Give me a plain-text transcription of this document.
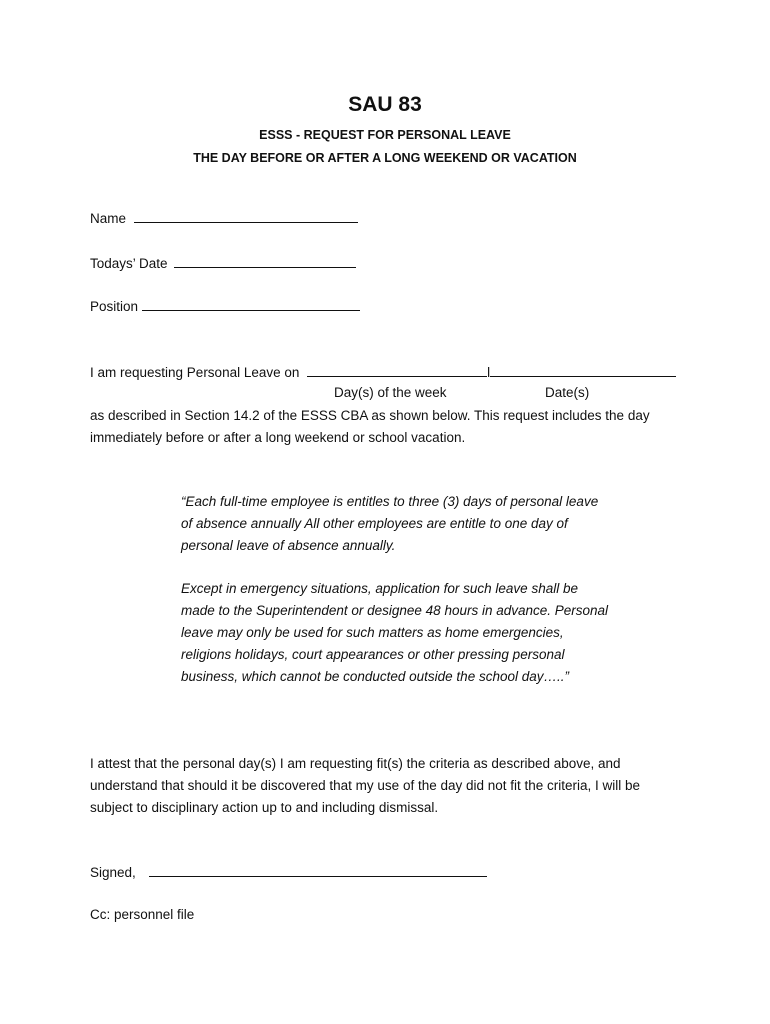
SAU 83
ESSS - REQUEST FOR PERSONAL LEAVE
THE DAY BEFORE OR AFTER A LONG WEEKEND OR VACATION
Name
Todays’ Date
Position
I am requesting Personal Leave on	l
Day(s) of the week	Date(s)
as described in Section 14.2 of the ESSS CBA as shown below. This request includes the day immediately before or after a long weekend or school vacation.
“Each full-time employee is entitles to three (3) days of personal leave of absence annually All other employees are entitle to one day of personal leave of absence annually.
Except in emergency situations, application for such leave shall be made to the Superintendent or designee 48 hours in advance. Personal leave may only be used for such matters as home emergencies, religions holidays, court appearances or other pressing personal business, which cannot be conducted outside the school day…..”
I attest that the personal day(s) I am requesting fit(s) the criteria as described above, and understand that should it be discovered that my use of the day did not fit the criteria, I will be subject to disciplinary action up to and including dismissal.
Signed,
Cc: personnel file
